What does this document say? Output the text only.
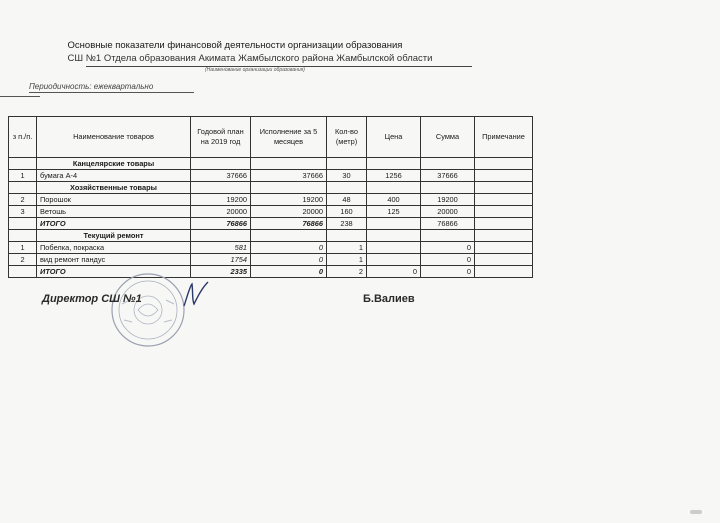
Основные показатели финансовой деятельности организации образования
СШ №1 Отдела образования Акимата Жамбылского района Жамбылской области
(Наименование организации образования)
Периодичность: ежеквартально
з п./п.	Наименование товаров	Годовой план на 2019 год	Исполнение за 5 месяцев	Кол-во (метр)	Цена	Сумма	Примечание
	Канцелярские товары						
1	бумага А-4	37666	37666	30	1256	37666	
	Хозяйственные товары						
2	Порошок	19200	19200	48	400	19200	
3	Ветошь	20000	20000	160	125	20000	
	ИТОГО	76866	76866	238		76866	
	Текущий ремонт						
1	Побелка, покраска	581	0	1		0	
2	вид ремонт пандус	1754	0	1		0	
	ИТОГО	2335	0	2	0	0	
Директор СШ №1	Б.Валиев
